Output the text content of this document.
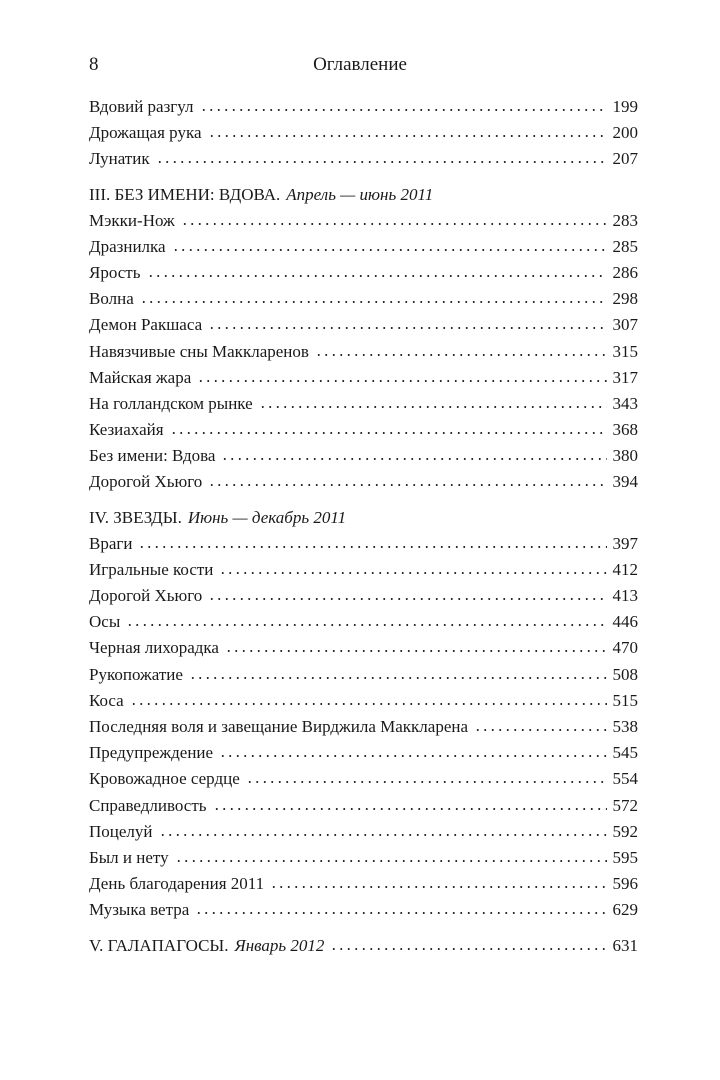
8	Оглавление
Вдовий разгул	199
Дрожащая рука	200
Лунатик	207
III. БЕЗ ИМЕНИ: ВДОВА. Апрель — июнь 2011
Мэкки-Нож	283
Дразнилка	285
Ярость	286
Волна	298
Демон Ракшаса	307
Навязчивые сны Маккларенов	315
Майская жара	317
На голландском рынке	343
Кезиахайя	368
Без имени: Вдова	380
Дорогой Хьюго	394
IV. ЗВЕЗДЫ. Июнь — декабрь 2011
Враги	397
Игральные кости	412
Дорогой Хьюго	413
Осы	446
Черная лихорадка	470
Рукопожатие	508
Коса	515
Последняя воля и завещание Вирджила Маккларена	538
Предупреждение	545
Кровожадное сердце	554
Справедливость	572
Поцелуй	592
Был и нету	595
День благодарения 2011	596
Музыка ветра	629
V. ГАЛАПАГОСЫ. Январь 2012	631
